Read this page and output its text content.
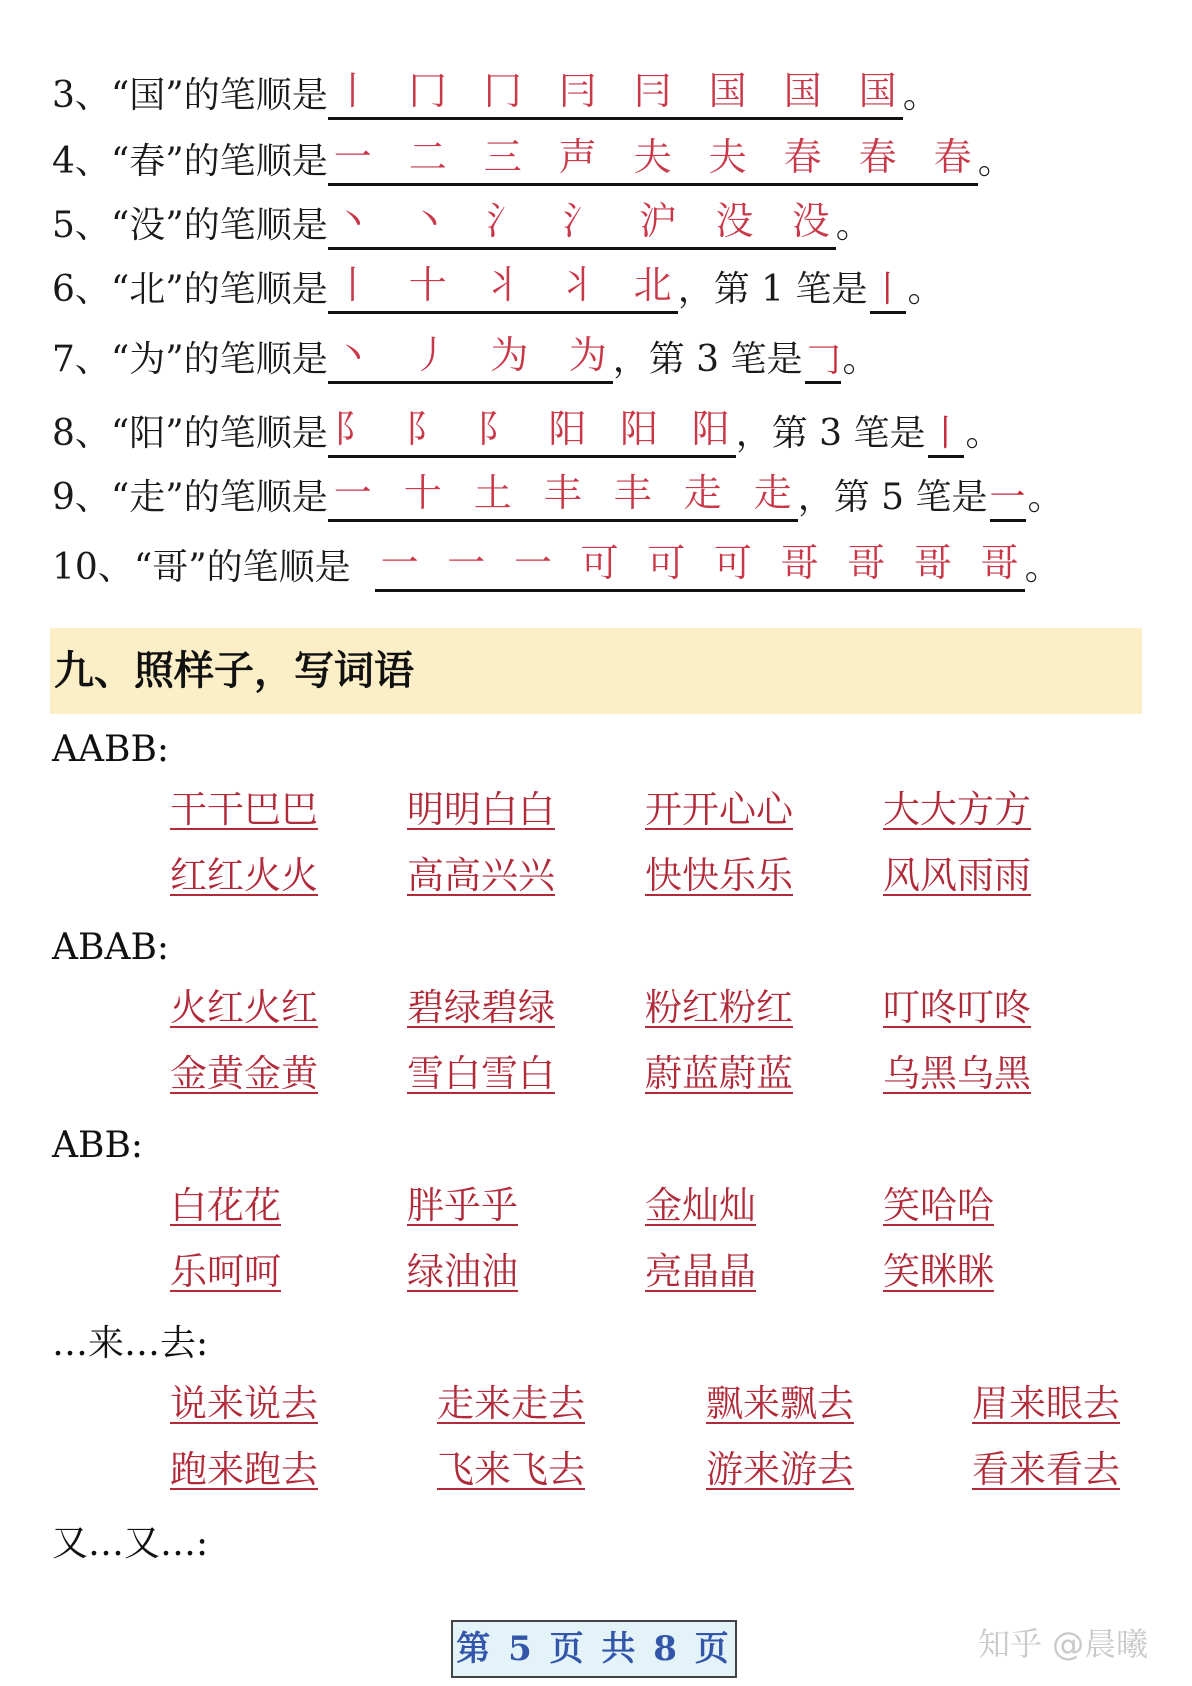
3、 “国” 的笔顺是 丨 冂 冂 冃 冃 国 国 国 。
4、 “春” 的笔顺是 一 二 三 声 夫 夫 春 春 春 。
5、 “没” 的笔顺是 丶 丶 氵 氵 沪 没 没 。
6、 “北” 的笔顺是 丨 十 丬 丬 北 ，第 1 笔是 丨 。
7、 “为” 的笔顺是 丶 丿 为 为 ，第 3 笔是 𠃌 。
8、 “阳” 的笔顺是 阝 阝 阝 阳 阳 阳 ，第 3 笔是 丨 。
9、 “走” 的笔顺是 一 十 土 丰 丰 走 走 ，第 5 笔是 一 。
10、 “哥” 的笔顺是 一 一 一 可 可 可 哥 哥 哥 哥 。
九、照样子，写词语
AABB:
干干巴巴 明明白白 开开心心 大大方方
红红火火 高高兴兴 快快乐乐 风风雨雨
ABAB:
火红火红 碧绿碧绿 粉红粉红 叮咚叮咚
金黄金黄 雪白雪白 蔚蓝蔚蓝 乌黑乌黑
ABB:
白花花	胖乎乎	金灿灿	笑哈哈
乐呵呵	绿油油	亮晶晶	笑眯眯
…来…去:
说来说去	走来走去	飘来飘去	眉来眼去
跑来跑去	飞来飞去	游来游去	看来看去
又…又…:
第 5 页 共 8 页	知乎 @晨曦
